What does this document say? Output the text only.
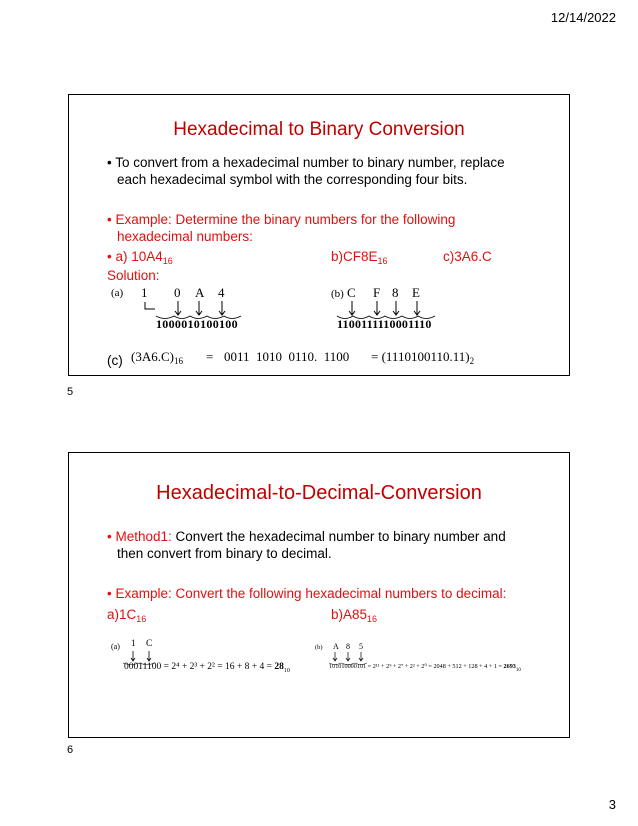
12/14/2022
Hexadecimal to Binary Conversion
• To convert from a hexadecimal number to binary number, replace
each hexadecimal symbol with the corresponding four bits.
• Example: Determine the binary numbers for the following
hexadecimal numbers:
• a) $10A4_{16}$	$b)CF8E_{16}$	c)3A6.C
Solution:
(a) 1 0 A 4
1000010100100
(b) C F 8 E
1100111110001110
(c) $(3A6.C)_{16} = 0011$  1010  0110.  $1100 = (1110100110.11)_2$
5
Hexadecimal-to-Decimal-Conversion
• Method1: Convert the hexadecimal number to binary number and
then convert from binary to decimal.
• Example: Convert the following hexadecimal numbers to decimal:
$a)1C_{16}$	$b)A85_{16}$
(a) 1 C
$00011100 = 2^4 + 2^3 + 2^2 = 16 + 8 + 4 = 28_{10}$
(b) A 8 5
$101010000101 = 2^{11} + 2^9 + 2^7 + 2^2 + 2^0 = 2048 + 512 + 128 + 4 + 1 = 2693_{10}$
6
3
